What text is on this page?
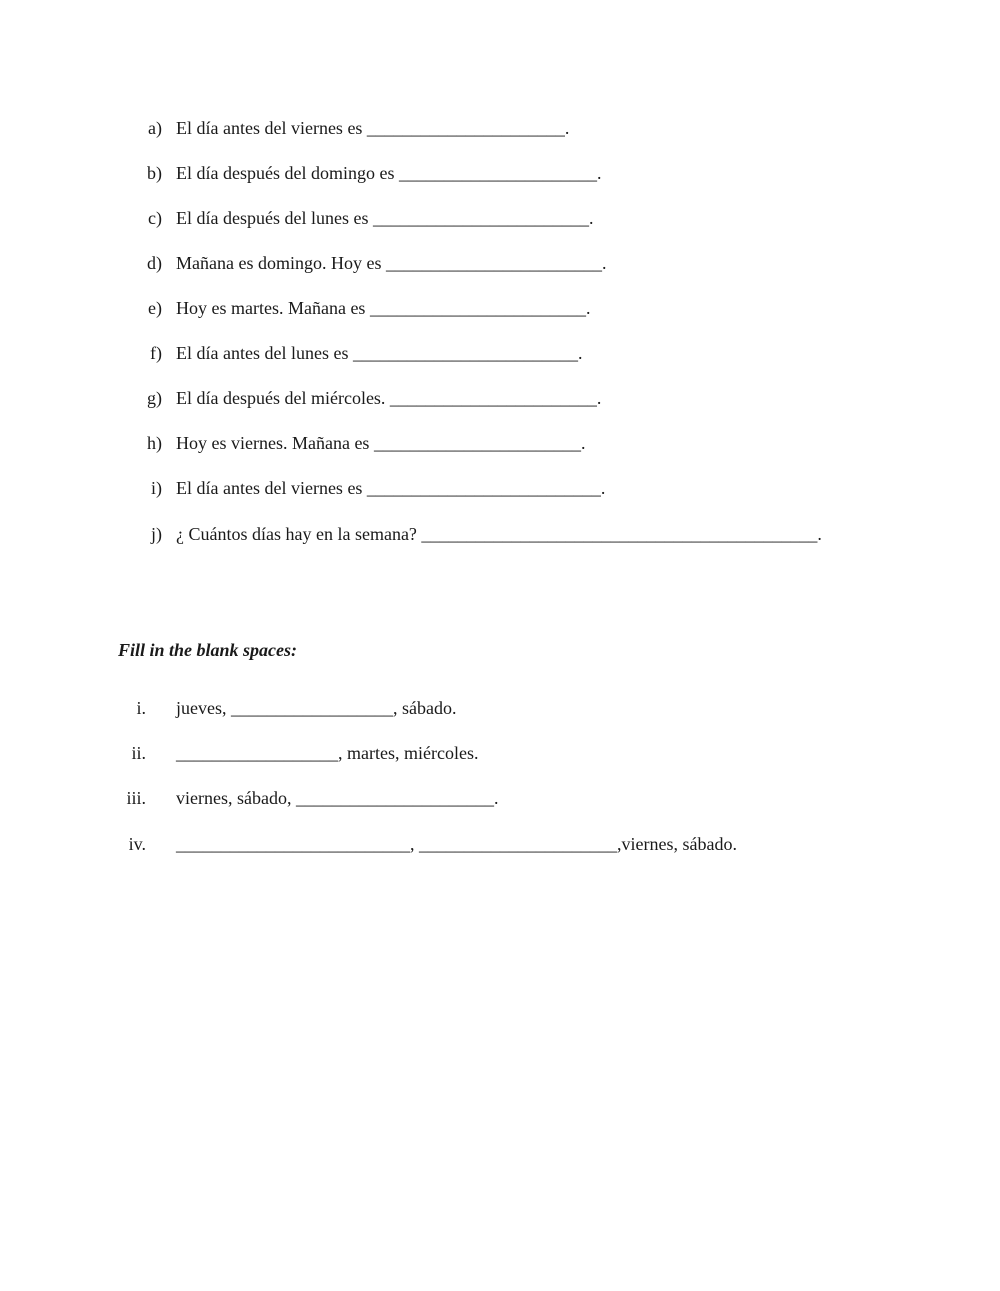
a) El día antes del viernes es ______________________.
b) El día después del domingo es ______________________.
c) El día después del lunes es ________________________.
d) Mañana es domingo. Hoy es ________________________.
e) Hoy es martes. Mañana es ________________________.
f) El día antes del lunes es _________________________.
g) El día después del miércoles. _______________________.
h) Hoy es viernes. Mañana es _______________________.
i) El día antes del viernes es __________________________.
j) ¿ Cuántos días hay en la semana? ____________________________________________.
Fill in the blank spaces:
i. jueves, __________________, sábado.
ii. __________________, martes, miércoles.
iii. viernes, sábado, ______________________.
iv. __________________________, ______________________,viernes, sábado.
